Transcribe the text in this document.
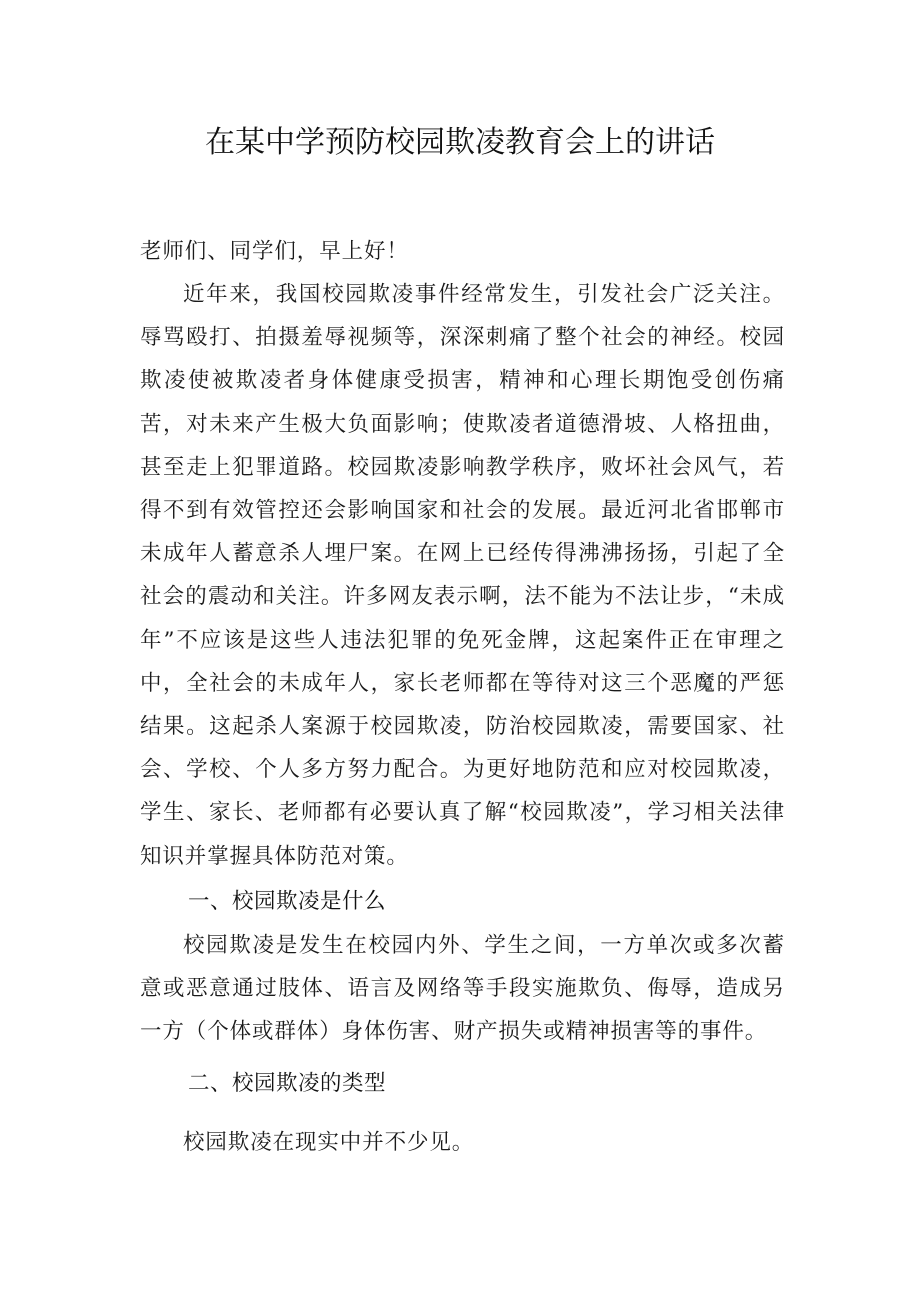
在某中学预防校园欺凌教育会上的讲话

老师们、同学们，早上好！

近年来，我国校园欺凌事件经常发生，引发社会广泛关注。辱骂殴打、拍摄羞辱视频等，深深刺痛了整个社会的神经。校园欺凌使被欺凌者身体健康受损害，精神和心理长期饱受创伤痛苦，对未来产生极大负面影响；使欺凌者道德滑坡、人格扭曲，甚至走上犯罪道路。校园欺凌影响教学秩序，败坏社会风气，若得不到有效管控还会影响国家和社会的发展。最近河北省邯郸市未成年人蓄意杀人埋尸案。在网上已经传得沸沸扬扬，引起了全社会的震动和关注。许多网友表示啊，法不能为不法让步，“未成年”不应该是这些人违法犯罪的免死金牌，这起案件正在审理之中，全社会的未成年人，家长老师都在等待对这三个恶魔的严惩结果。这起杀人案源于校园欺凌，防治校园欺凌，需要国家、社会、学校、个人多方努力配合。为更好地防范和应对校园欺凌，学生、家长、老师都有必要认真了解“校园欺凌”，学习相关法律知识并掌握具体防范对策。

一、校园欺凌是什么

校园欺凌是发生在校园内外、学生之间，一方单次或多次蓄意或恶意通过肢体、语言及网络等手段实施欺负、侮辱，造成另一方（个体或群体）身体伤害、财产损失或精神损害等的事件。

二、校园欺凌的类型

校园欺凌在现实中并不少见。
